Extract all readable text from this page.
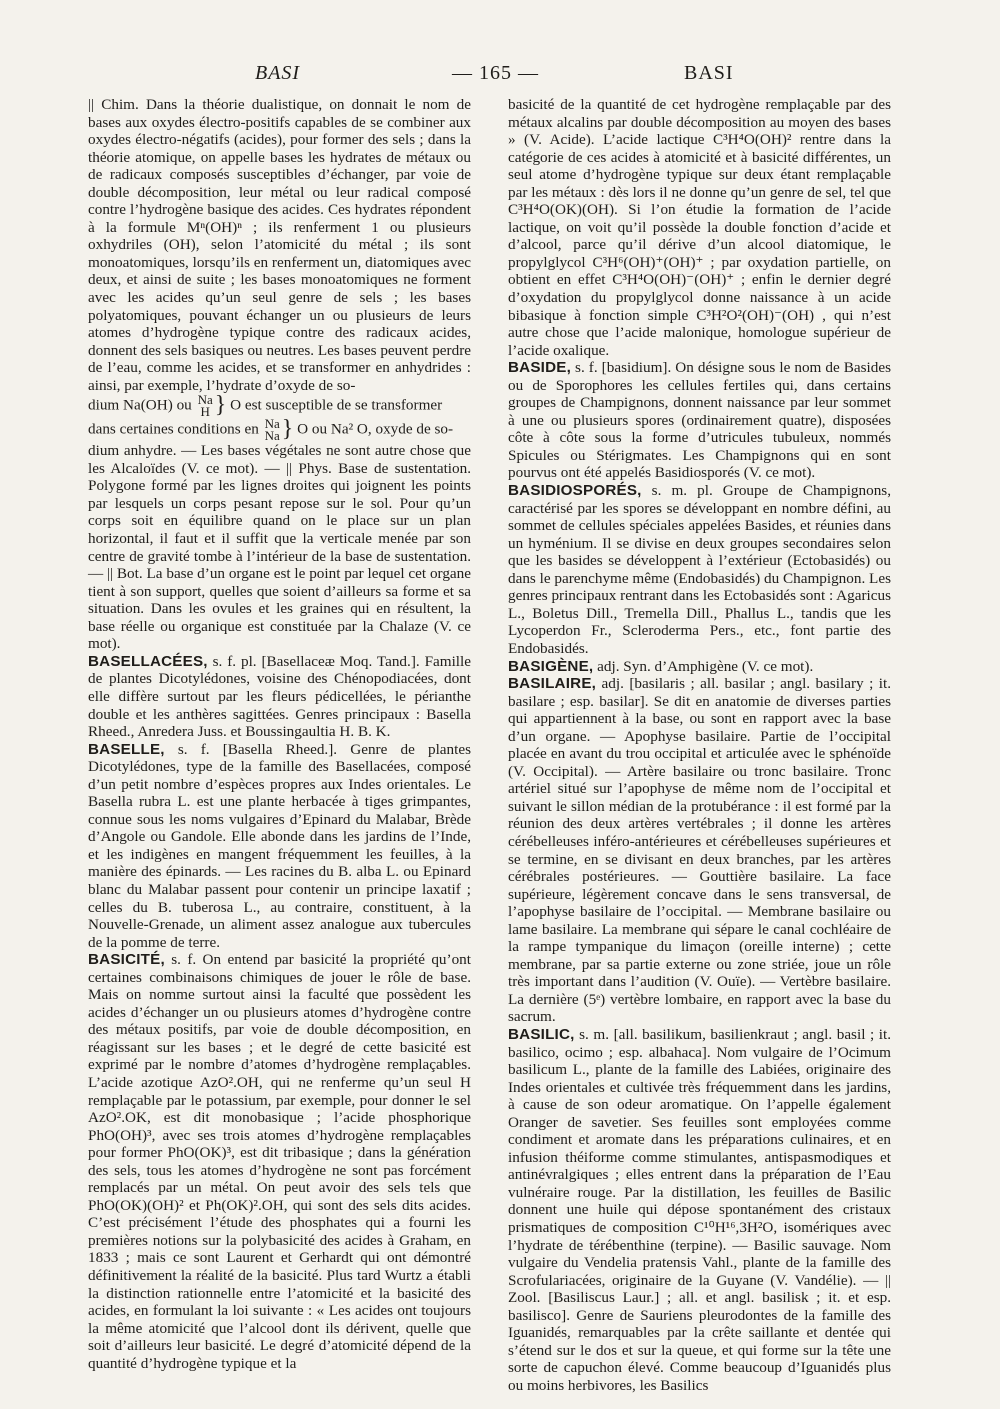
BASI	— 165 —	BASI

|| Chim. Dans la théorie dualistique, on donnait le nom de bases aux oxydes électro-positifs capables de se combiner aux oxydes électro-négatifs (acides), pour former des sels ; dans la théorie atomique, on appelle bases les hydrates de métaux ou de radicaux composés susceptibles d’échanger, par voie de double décomposition, leur métal ou leur radical composé contre l’hydrogène basique des acides. Ces hydrates répondent à la formule Mⁿ(OH)ⁿ ; ils renferment 1 ou plusieurs oxhydriles (OH), selon l’atomicité du métal ; ils sont monoatomiques, lorsqu’ils en renferment un, diatomiques avec deux, et ainsi de suite ; les bases monoatomiques ne forment avec les acides qu’un seul genre de sels ; les bases polyatomiques, pouvant échanger un ou plusieurs de leurs atomes d’hydrogène typique contre des radicaux acides, donnent des sels basiques ou neutres. Les bases peuvent perdre de l’eau, comme les acides, et se transformer en anhydrides : ainsi, par exemple, l’hydrate d’oxyde de so-

dium Na(OH) ou Na
H } O est susceptible de se transformer

dans certaines conditions en Na
Na } O ou Na² O, oxyde de so-

dium anhydre. — Les bases végétales ne sont autre chose que les Alcaloïdes (V. ce mot). — || Phys. Base de sustentation. Polygone formé par les lignes droites qui joignent les points par lesquels un corps pesant repose sur le sol. Pour qu’un corps soit en équilibre quand on le place sur un plan horizontal, il faut et il suffit que la verticale menée par son centre de gravité tombe à l’intérieur de la base de sustentation. — || Bot. La base d’un organe est le point par lequel cet organe tient à son support, quelles que soient d’ailleurs sa forme et sa situation. Dans les ovules et les graines qui en résultent, la base réelle ou organique est constituée par la Chalaze (V. ce mot).

BASELLACÉES, s. f. pl. [Basellaceæ Moq. Tand.]. Famille de plantes Dicotylédones, voisine des Chénopodiacées, dont elle diffère surtout par les fleurs pédicellées, le périanthe double et les anthères sagittées. Genres principaux : Basella Rheed., Anredera Juss. et Boussingaultia H. B. K.

BASELLE, s. f. [Basella Rheed.]. Genre de plantes Dicotylédones, type de la famille des Basellacées, composé d’un petit nombre d’espèces propres aux Indes orientales. Le Basella rubra L. est une plante herbacée à tiges grimpantes, connue sous les noms vulgaires d’Epinard du Malabar, Brède d’Angole ou Gandole. Elle abonde dans les jardins de l’Inde, et les indigènes en mangent fréquemment les feuilles, à la manière des épinards. — Les racines du B. alba L. ou Epinard blanc du Malabar passent pour contenir un principe laxatif ; celles du B. tuberosa L., au contraire, constituent, à la Nouvelle-Grenade, un aliment assez analogue aux tubercules de la pomme de terre.

BASICITÉ, s. f. On entend par basicité la propriété qu’ont certaines combinaisons chimiques de jouer le rôle de base. Mais on nomme surtout ainsi la faculté que possèdent les acides d’échanger un ou plusieurs atomes d’hydrogène contre des métaux positifs, par voie de double décomposition, en réagissant sur les bases ; et le degré de cette basicité est exprimé par le nombre d’atomes d’hydrogène remplaçables. L’acide azotique AzO².OH, qui ne renferme qu’un seul H remplaçable par le potassium, par exemple, pour donner le sel AzO².OK, est dit monobasique ; l’acide phosphorique PhO(OH)³, avec ses trois atomes d’hydrogène remplaçables pour former PhO(OK)³, est dit tribasique ; dans la génération des sels, tous les atomes d’hydrogène ne sont pas forcément remplacés par un métal. On peut avoir des sels tels que PhO(OK)(OH)² et Ph(OK)².OH, qui sont des sels dits acides. C’est précisément l’étude des phosphates qui a fourni les premières notions sur la polybasicité des acides à Graham, en 1833 ; mais ce sont Laurent et Gerhardt qui ont démontré définitivement la réalité de la basicité. Plus tard Wurtz a établi la distinction rationnelle entre l’atomicité et la basicité des acides, en formulant la loi suivante : « Les acides ont toujours la même atomicité que l’alcool dont ils dérivent, quelle que soit d’ailleurs leur basicité. Le degré d’atomicité dépend de la quantité d’hydrogène typique et la

basicité de la quantité de cet hydrogène remplaçable par des métaux alcalins par double décomposition au moyen des bases » (V. Acide). L’acide lactique C³H⁴O(OH)² rentre dans la catégorie de ces acides à atomicité et à basicité différentes, un seul atome d’hydrogène typique sur deux étant remplaçable par les métaux : dès lors il ne donne qu’un genre de sel, tel que C³H⁴O(OK)(OH). Si l’on étudie la formation de l’acide lactique, on voit qu’il possède la double fonction d’acide et d’alcool, parce qu’il dérive d’un alcool diatomique, le propylglycol C³H⁶(OH)⁺(OH)⁺ ; par oxydation partielle, on obtient en effet C³H⁴O(OH)⁻(OH)⁺ ; enfin le dernier degré d’oxydation du propylglycol donne naissance à un acide bibasique à fonction simple C³H²O²(OH)⁻(OH) , qui n’est autre chose que l’acide malonique, homologue supérieur de l’acide oxalique.

BASIDE, s. f. [basidium]. On désigne sous le nom de Basides ou de Sporophores les cellules fertiles qui, dans certains groupes de Champignons, donnent naissance par leur sommet à une ou plusieurs spores (ordinairement quatre), disposées côte à côte sous la forme d’utricules tubuleux, nommés Spicules ou Stérigmates. Les Champignons qui en sont pourvus ont été appelés Basidiosporés (V. ce mot).

BASIDIOSPORÉS, s. m. pl. Groupe de Champignons, caractérisé par les spores se développant en nombre défini, au sommet de cellules spéciales appelées Basides, et réunies dans un hyménium. Il se divise en deux groupes secondaires selon que les basides se développent à l’extérieur (Ectobasidés) ou dans le parenchyme même (Endobasidés) du Champignon. Les genres principaux rentrant dans les Ectobasidés sont : Agaricus L., Boletus Dill., Tremella Dill., Phallus L., tandis que les Lycoperdon Fr., Scleroderma Pers., etc., font partie des Endobasidés.

BASIGÈNE, adj. Syn. d’Amphigène (V. ce mot).

BASILAIRE, adj. [basilaris ; all. basilar ; angl. basilary ; it. basilare ; esp. basilar]. Se dit en anatomie de diverses parties qui appartiennent à la base, ou sont en rapport avec la base d’un organe. — Apophyse basilaire. Partie de l’occipital placée en avant du trou occipital et articulée avec le sphénoïde (V. Occipital). — Artère basilaire ou tronc basilaire. Tronc artériel situé sur l’apophyse de même nom de l’occipital et suivant le sillon médian de la protubérance : il est formé par la réunion des deux artères vertébrales ; il donne les artères cérébelleuses inféro-antérieures et cérébelleuses supérieures et se termine, en se divisant en deux branches, par les artères cérébrales postérieures. — Gouttière basilaire. La face supérieure, légèrement concave dans le sens transversal, de l’apophyse basilaire de l’occipital. — Membrane basilaire ou lame basilaire. La membrane qui sépare le canal cochléaire de la rampe tympanique du limaçon (oreille interne) ; cette membrane, par sa partie externe ou zone striée, joue un rôle très important dans l’audition (V. Ouïe). — Vertèbre basilaire. La dernière (5ᵉ) vertèbre lombaire, en rapport avec la base du sacrum.

BASILIC, s. m. [all. basilikum, basilienkraut ; angl. basil ; it. basilico, ocimo ; esp. albahaca]. Nom vulgaire de l’Ocimum basilicum L., plante de la famille des Labiées, originaire des Indes orientales et cultivée très fréquemment dans les jardins, à cause de son odeur aromatique. On l’appelle également Oranger de savetier. Ses feuilles sont employées comme condiment et aromate dans les préparations culinaires, et en infusion théiforme comme stimulantes, antispasmodiques et antinévralgiques ; elles entrent dans la préparation de l’Eau vulnéraire rouge. Par la distillation, les feuilles de Basilic donnent une huile qui dépose spontanément des cristaux prismatiques de composition C¹⁰H¹⁶,3H²O, isomériques avec l’hydrate de térébenthine (terpine). — Basilic sauvage. Nom vulgaire du Vendelia pratensis Vahl., plante de la famille des Scrofulariacées, originaire de la Guyane (V. Vandélie). — || Zool. [Basiliscus Laur.] ; all. et angl. basilisk ; it. et esp. basilisco]. Genre de Sauriens pleurodontes de la famille des Iguanidés, remarquables par la crête saillante et dentée qui s’étend sur le dos et sur la queue, et qui forme sur la tête une sorte de capuchon élevé. Comme beaucoup d’Iguanidés plus ou moins herbivores, les Basilics
